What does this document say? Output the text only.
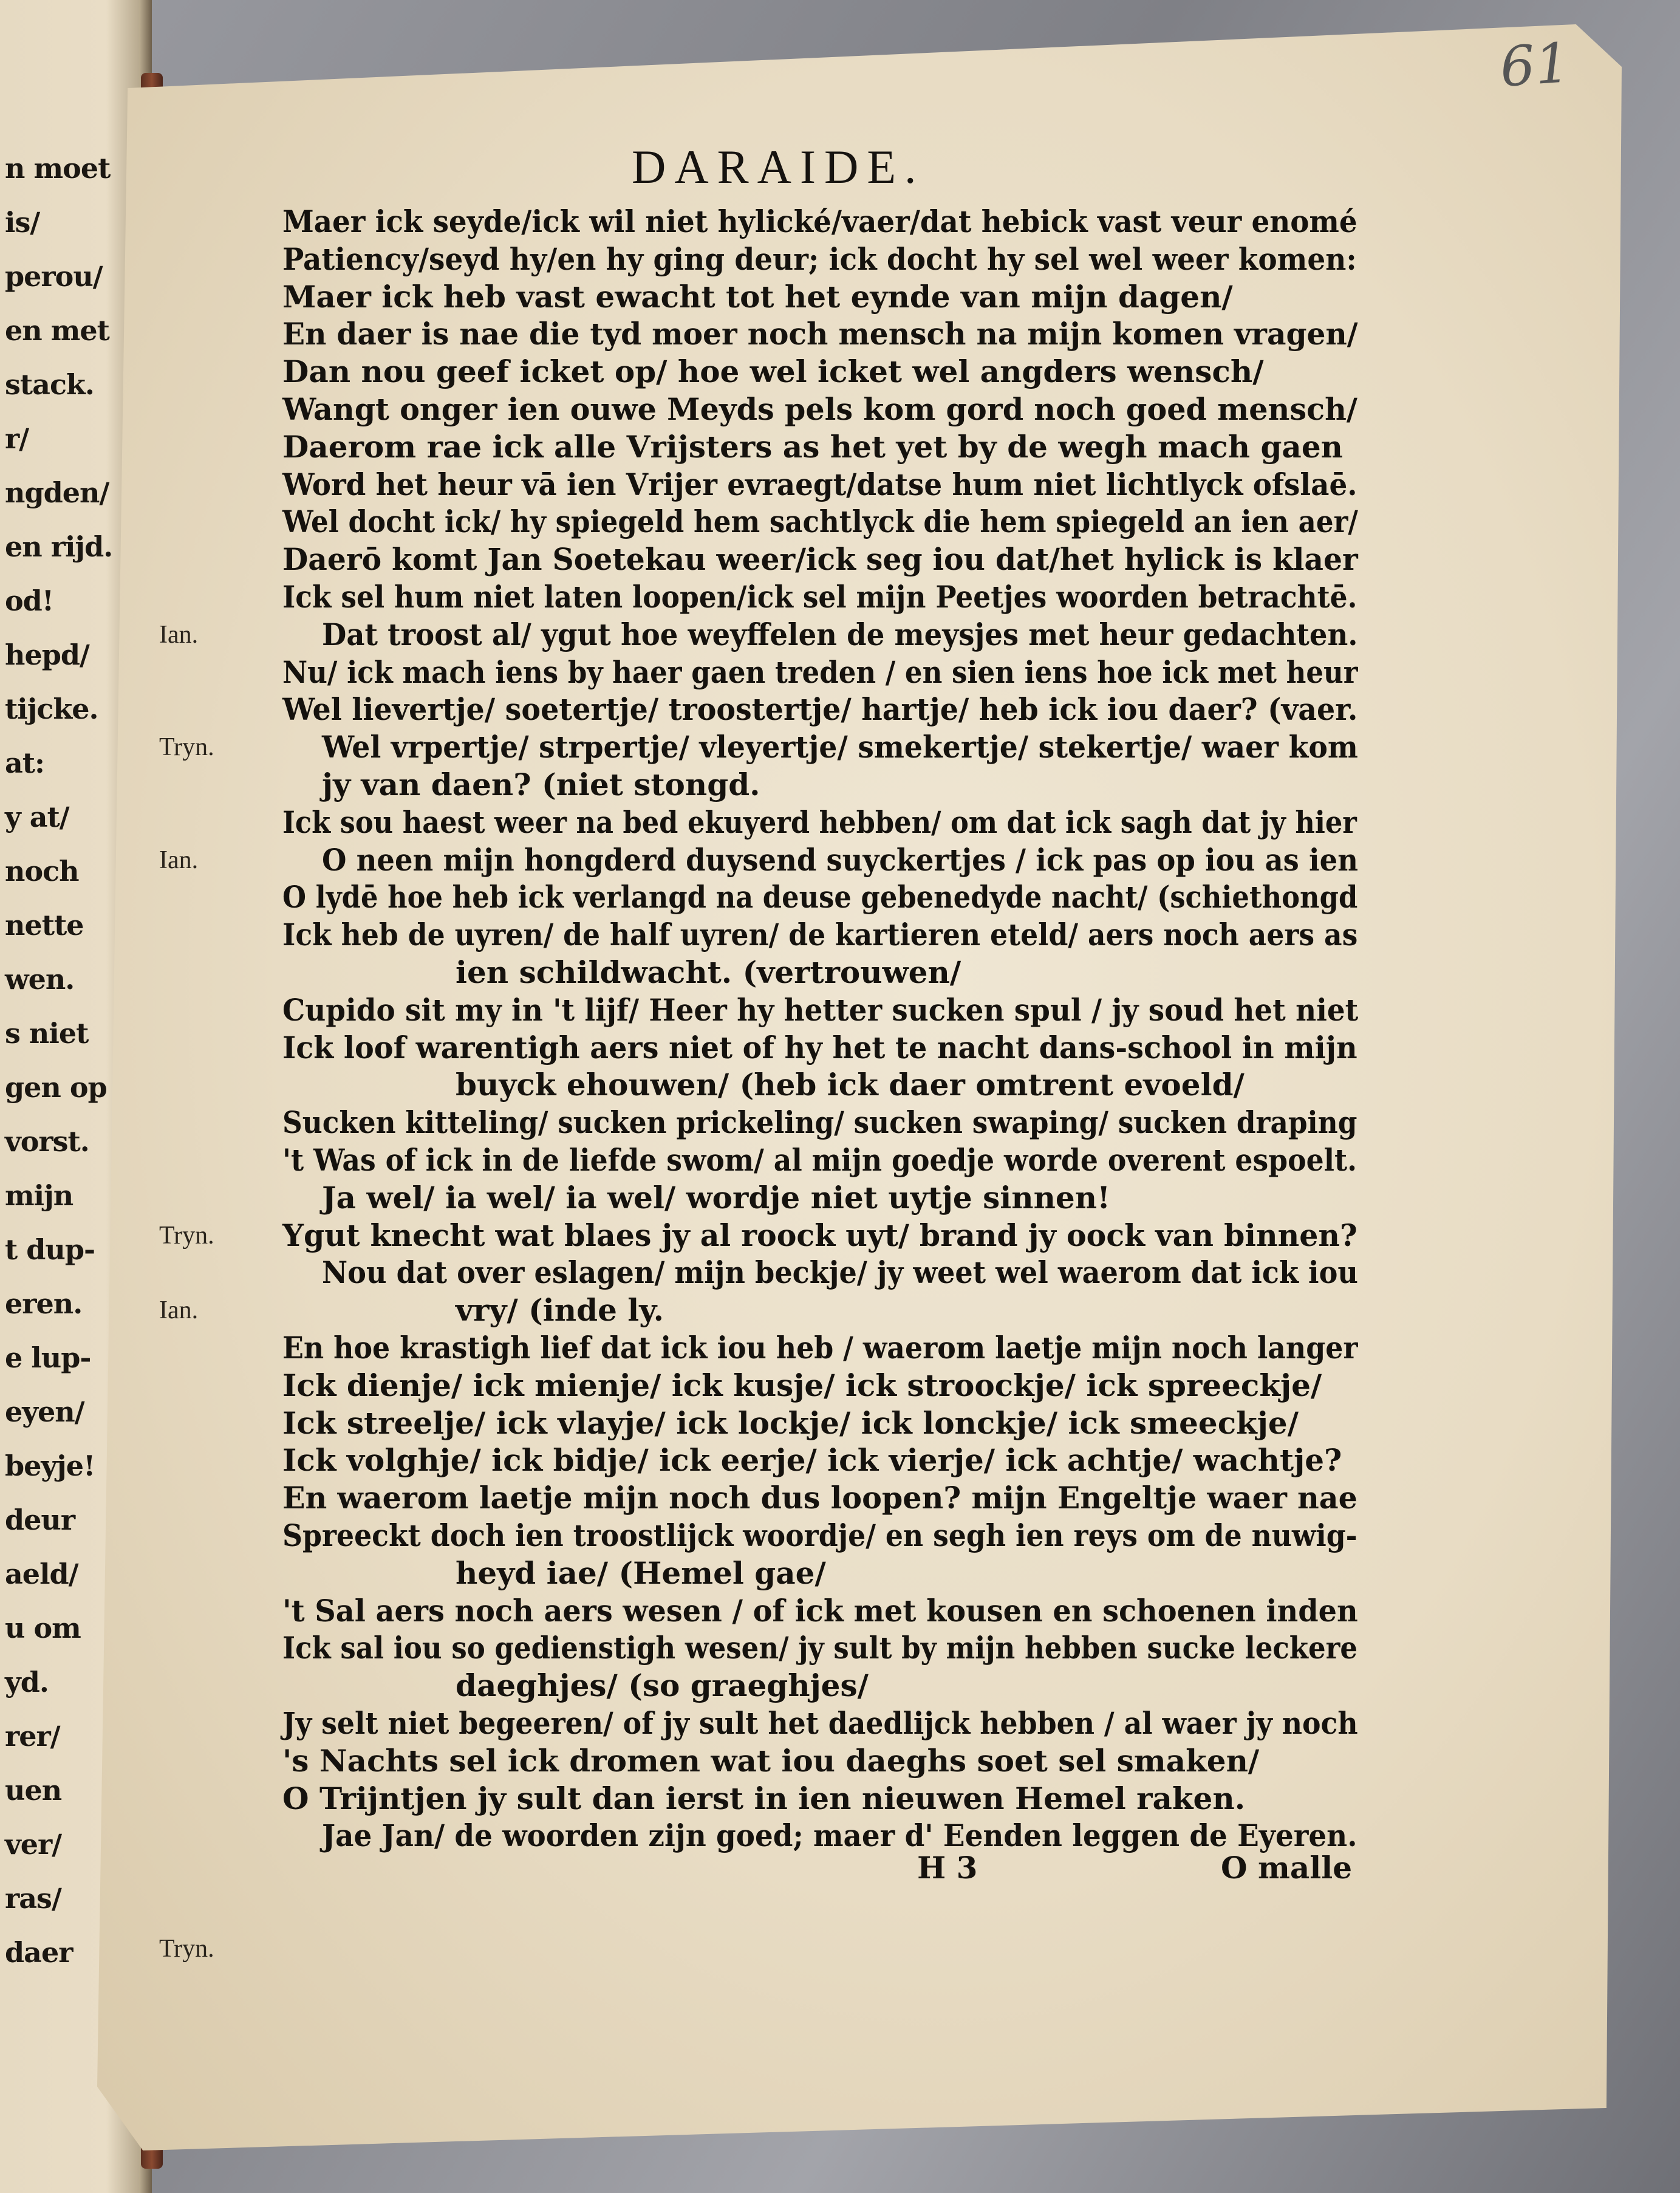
n moet
is/
perou/
en met
stack.
r/
ngden/
en rijd.
od!
hepd/
tijcke.
at:
y at/
noch
nette
wen.
s niet
gen op
vorst.
mijn
t dup-
eren.
e lup-
eyen/
beyje!
deur
aeld/
u om
yd.
rer/
uen
ver/
ras/
daer
61
DARAIDE.
Maer ick seyde/ick wil niet hylické/vaer/dat hebick vast veur enomé
Patiency/seyd hy/en hy ging deur; ick docht hy sel wel weer komen:
Maer ick heb vast ewacht tot het eynde van mijn dagen/
En daer is nae die tyd moer noch mensch na mijn komen vragen/
Dan nou geef icket op/ hoe wel icket wel angders wensch/
Wangt onger ien ouwe Meyds pels kom gord noch goed mensch/
Daerom rae ick alle Vrijsters as het yet by de wegh mach gaen
Word het heur vā ien Vrijer evraegt/datse hum niet lichtlyck ofslaē.
Wel docht ick/ hy spiegeld hem sachtlyck die hem spiegeld an ien aer/
Daerō komt Jan Soetekau weer/ick seg iou dat/het hylick is klaer
Ick sel hum niet laten loopen/ick sel mijn Peetjes woorden betrachtē.
Dat troost al/ ygut hoe weyffelen de meysjes met heur gedachten.
Nu/ ick mach iens by haer gaen treden / en sien iens hoe ick met heur
Wel lievertje/ soetertje/ troostertje/ hartje/ heb ick iou daer? (vaer.
Wel vrpertje/ strpertje/ vleyertje/ smekertje/ stekertje/ waer kom
jy van daen? (niet stongd.
Ick sou haest weer na bed ekuyerd hebben/ om dat ick sagh dat jy hier
O neen mijn hongderd duysend suyckertjes / ick pas op iou as ien
O lydē hoe heb ick verlangd na deuse gebenedyde nacht/ (schiethongd
Ick heb de uyren/ de half uyren/ de kartieren eteld/ aers noch aers as
ien schildwacht. (vertrouwen/
Cupido sit my in 't lijf/ Heer hy hetter sucken spul / jy soud het niet
Ick loof warentigh aers niet of hy het te nacht dans-school in mijn
buyck ehouwen/ (heb ick daer omtrent evoeld/
Sucken kitteling/ sucken prickeling/ sucken swaping/ sucken draping
't Was of ick in de liefde swom/ al mijn goedje worde overent espoelt.
Ja wel/ ia wel/ ia wel/ wordje niet uytje sinnen!
Ygut knecht wat blaes jy al roock uyt/ brand jy oock van binnen?
Nou dat over eslagen/ mijn beckje/ jy weet wel waerom dat ick iou
vry/ (inde ly.
En hoe krastigh lief dat ick iou heb / waerom laetje mijn noch langer
Ick dienje/ ick mienje/ ick kusje/ ick stroockje/ ick spreeckje/
Ick streelje/ ick vlayje/ ick lockje/ ick lonckje/ ick smeeckje/
Ick volghje/ ick bidje/ ick eerje/ ick vierje/ ick achtje/ wachtje?
En waerom laetje mijn noch dus loopen? mijn Engeltje waer nae
Spreeckt doch ien troostlijck woordje/ en segh ien reys om de nuwig-
heyd iae/ (Hemel gae/
't Sal aers noch aers wesen / of ick met kousen en schoenen inden
Ick sal iou so gedienstigh wesen/ jy sult by mijn hebben sucke leckere
daeghjes/ (so graeghjes/
Jy selt niet begeeren/ of jy sult het daedlijck hebben / al waer jy noch
's Nachts sel ick dromen wat iou daeghs soet sel smaken/
O Trijntjen jy sult dan ierst in ien nieuwen Hemel raken.
Jae Jan/ de woorden zijn goed; maer d' Eenden leggen de Eyeren.
Ian.
Tryn.
Ian.
Tryn.
Ian.
Tryn.
H 3	O malle
